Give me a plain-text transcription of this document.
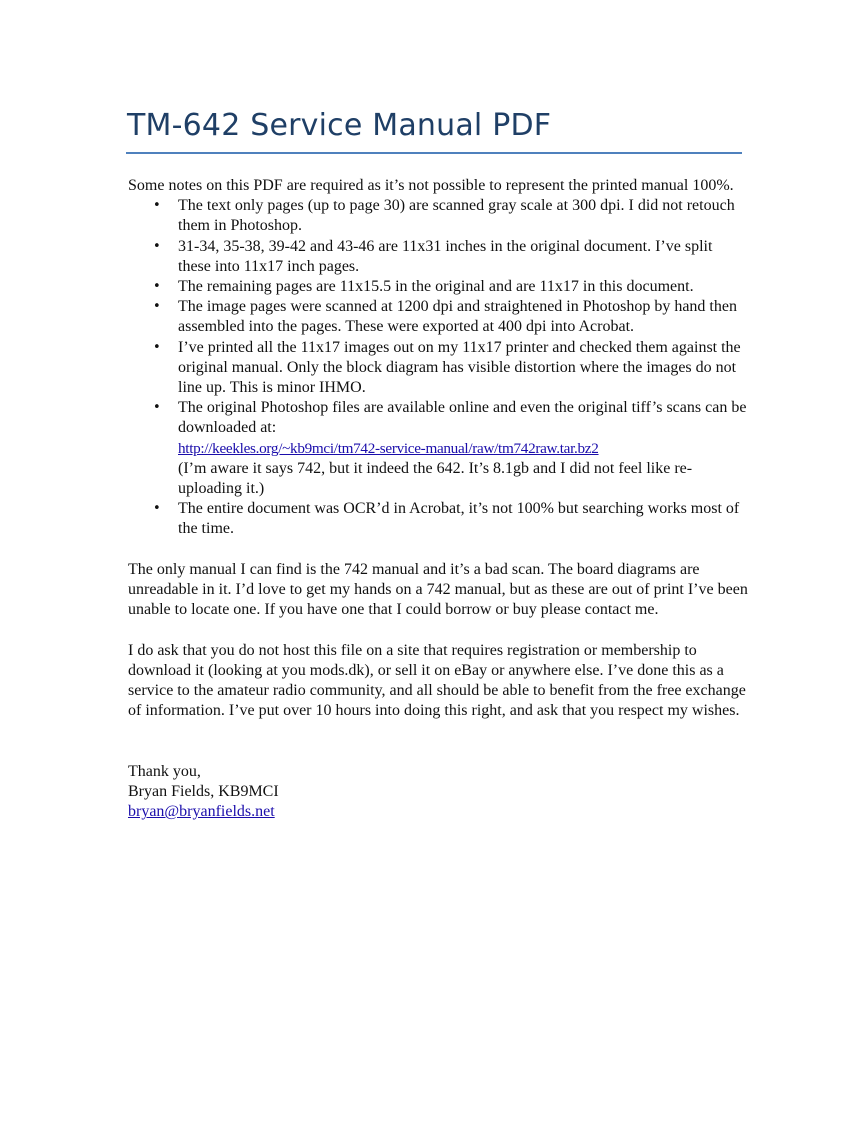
TM-642 Service Manual PDF

Some notes on this PDF are required as it’s not possible to represent the printed manual 100%.

• The text only pages (up to page 30) are scanned gray scale at 300 dpi. I did not retouch them in Photoshop.
• 31-34, 35-38, 39-42 and 43-46 are 11x31 inches in the original document. I’ve split these into 11x17 inch pages.
• The remaining pages are 11x15.5 in the original and are 11x17 in this document.
• The image pages were scanned at 1200 dpi and straightened in Photoshop by hand then assembled into the pages. These were exported at 400 dpi into Acrobat.
• I’ve printed all the 11x17 images out on my 11x17 printer and checked them against the original manual. Only the block diagram has visible distortion where the images do not line up. This is minor IHMO.
• The original Photoshop files are available online and even the original tiff’s scans can be downloaded at:
http://keekles.org/~kb9mci/tm742-service-manual/raw/tm742raw.tar.bz2
(I’m aware it says 742, but it indeed the 642. It’s 8.1gb and I did not feel like re-uploading it.)
• The entire document was OCR’d in Acrobat, it’s not 100% but searching works most of the time.

The only manual I can find is the 742 manual and it’s a bad scan. The board diagrams are unreadable in it. I’d love to get my hands on a 742 manual, but as these are out of print I’ve been unable to locate one. If you have one that I could borrow or buy please contact me.

I do ask that you do not host this file on a site that requires registration or membership to download it (looking at you mods.dk), or sell it on eBay or anywhere else. I’ve done this as a service to the amateur radio community, and all should be able to benefit from the free exchange of information. I’ve put over 10 hours into doing this right, and ask that you respect my wishes.

Thank you,
Bryan Fields, KB9MCI
bryan@bryanfields.net
